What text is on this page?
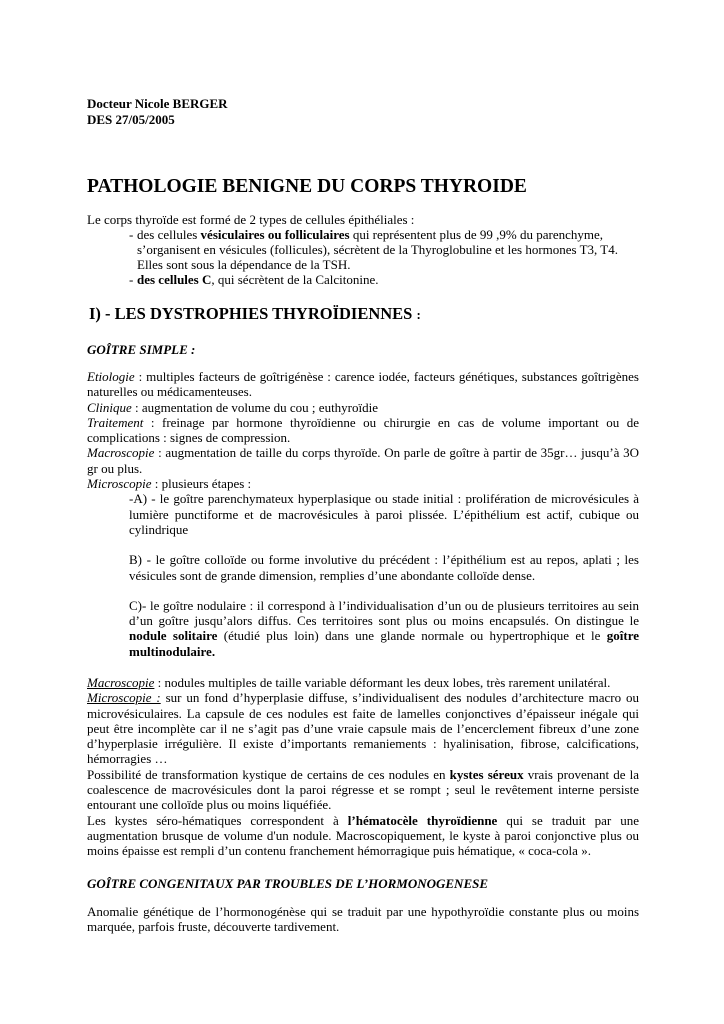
Docteur Nicole BERGER
DES 27/05/2005
PATHOLOGIE BENIGNE DU CORPS THYROIDE

Le corps thyroïde est formé de 2 types de cellules épithéliales :

- des cellules vésiculaires ou folliculaires qui représentent plus de 99 ,9% du parenchyme, s’organisent en vésicules (follicules), sécrètent de la Thyroglobuline et les hormones T3, T4. Elles sont sous la dépendance de la TSH.
- des cellules C, qui sécrètent de la Calcitonine.
I) - LES DYSTROPHIES THYROÏDIENNES :
GOÎTRE SIMPLE :

Etiologie : multiples facteurs de goîtrigénèse : carence iodée, facteurs génétiques, substances goîtrigènes naturelles ou médicamenteuses.

Clinique : augmentation de volume du cou ; euthyroïdie

Traitement : freinage par hormone thyroïdienne ou chirurgie en cas de volume important ou de complications : signes de compression.

Macroscopie : augmentation de taille du corps thyroïde. On parle de goître à partir de 35gr… jusqu’à 3O gr ou plus.

Microscopie : plusieurs étapes :

-A) - le goître parenchymateux hyperplasique ou stade initial : prolifération de microvésicules à lumière punctiforme et de macrovésicules à paroi plissée. L’épithélium est actif, cubique ou cylindrique

B) - le goître colloïde ou forme involutive du précédent : l’épithélium est au repos, aplati ; les vésicules sont de grande dimension, remplies d’une abondante colloïde dense.

C)- le goître nodulaire : il correspond à l’individualisation d’un ou de plusieurs territoires au sein d’un goître jusqu’alors diffus. Ces territoires sont plus ou moins encapsulés. On distingue le nodule solitaire (étudié plus loin) dans une glande normale ou hypertrophique et le goître multinodulaire.

Macroscopie : nodules multiples de taille variable déformant les deux lobes, très rarement unilatéral.

Microscopie : sur un fond d’hyperplasie diffuse, s’individualisent des nodules d’architecture macro ou microvésiculaires. La capsule de ces nodules est faite de lamelles conjonctives d’épaisseur inégale qui peut être incomplète car il ne s’agit pas d’une vraie capsule mais de l’encerclement fibreux d’une zone d’hyperplasie irrégulière. Il existe d’importants remaniements : hyalinisation, fibrose, calcifications, hémorragies …

Possibilité de transformation kystique de certains de ces nodules en kystes séreux vrais provenant de la coalescence de macrovésicules dont la paroi régresse et se rompt ; seul le revêtement interne persiste entourant une colloïde plus ou moins liquéfiée.

Les kystes séro-hématiques correspondent à l’hématocèle thyroïdienne qui se traduit par une augmentation brusque de volume d'un nodule. Macroscopiquement, le kyste à paroi conjonctive plus ou moins épaisse est rempli d’un contenu franchement hémorragique puis hématique, « coca-cola ».

GOÎTRE CONGENITAUX PAR TROUBLES DE L’HORMONOGENESE
Anomalie génétique de l’hormonogénèse qui se traduit par une hypothyroïdie constante plus ou moins marquée, parfois fruste, découverte tardivement.
